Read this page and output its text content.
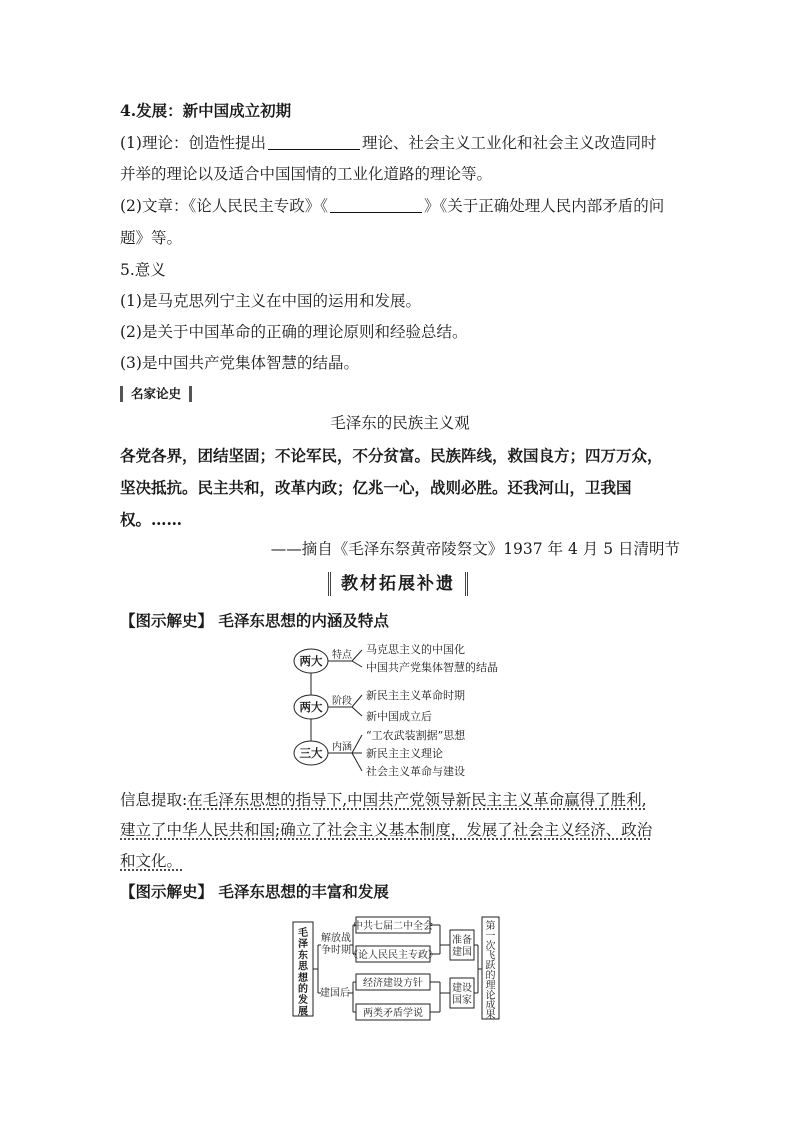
4.发展：新中国成立初期
(1)理论：创造性提出	理论、社会主义工业化和社会主义改造同时
并举的理论以及适合中国国情的工业化道路的理论等。
(2)文章：《论人民民主专政》《	》《关于正确处理人民内部矛盾的问
题》等。
5.意义
(1)是马克思列宁主义在中国的运用和发展。
(2)是关于中国革命的正确的理论原则和经验总结。
(3)是中国共产党集体智慧的结晶。
名家论史
毛泽东的民族主义观
各党各界，团结坚固；不论军民，不分贫富。民族阵线，救国良方；四万万众，
坚决抵抗。民主共和，改革内政；亿兆一心，战则必胜。还我河山，卫我国
权。……
——摘自《毛泽东祭黄帝陵祭文》1937 年 4 月 5 日清明节
教材拓展补遗
【图示解史】 毛泽东思想的内涵及特点
两大
两大
三大
特点
阶段
内涵
马克思主义的中国化
中国共产党集体智慧的结晶
新民主主义革命时期
新中国成立后
“工农武装割据”思想
新民主主义理论
社会主义革命与建设
信息提取:在毛泽东思想的指导下,中国共产党领导新民主主义革命赢得了胜利,
建立了中华人民共和国;确立了社会主义基本制度，发展了社会主义经济、政治
和文化。
【图示解史】 毛泽东思想的丰富和发展
毛泽东思想的发展
解放战
争时期
建国后
中共七届二中全会
《论人民民主专政》
经济建设方针
两类矛盾学说
准备
建国
建设
国家
第一次飞跃的理论成果
